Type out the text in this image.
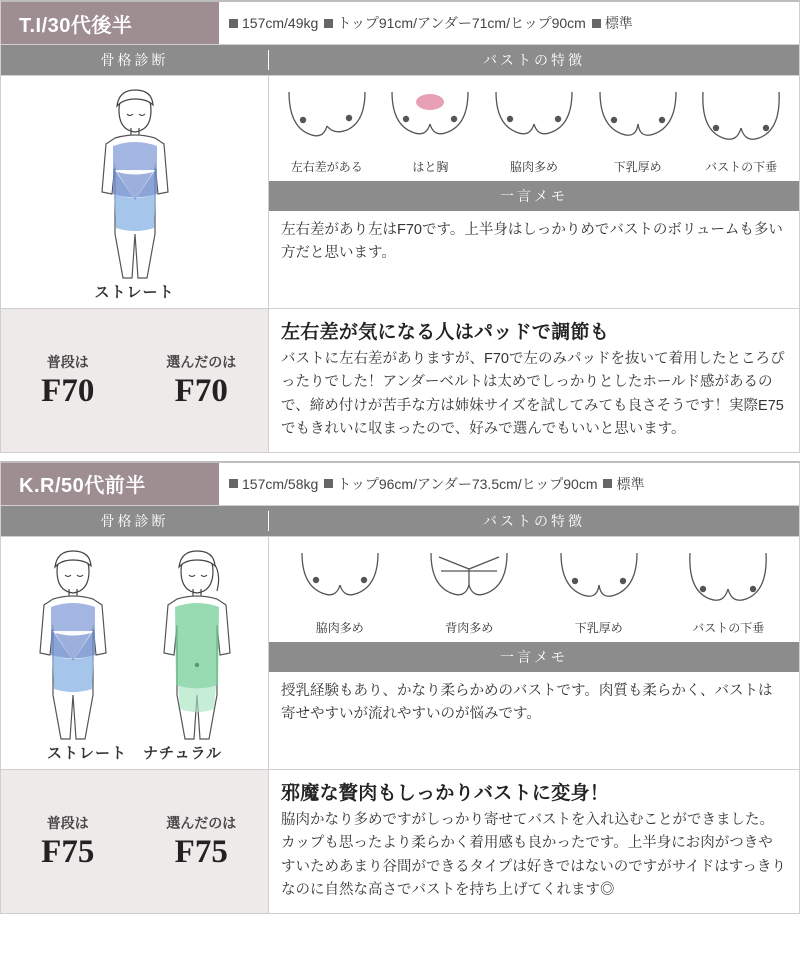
T.I/30代後半	157cm/49kg トップ91cm/アンダー71cm/ヒップ90cm 標準
骨格診断	バストの特徴
ストレート
左右差がある	はと胸	脇肉多め	下乳厚め	バストの下垂
一言メモ
左右差があり左はF70です。上半身はしっかりめでバストのボリュームも多い方だと思います。
普段は
F70
選んだのは
F70
左右差が気になる人はパッドで調節も
バストに左右差がありますが、F70で左のみパッドを抜いて着用したところぴったりでした！アンダーベルトは太めでしっかりとしたホールド感があるので、締め付けが苦手な方は姉妹サイズを試してみても良さそうです！実際E75でもきれいに収まったので、好みで選んでもいいと思います。
K.R/50代前半	157cm/58kg トップ96cm/アンダー73.5cm/ヒップ90cm 標準
骨格診断	バストの特徴
ストレート ナチュラル
脇肉多め	背肉多め	下乳厚め	バストの下垂
一言メモ
授乳経験もあり、かなり柔らかめのバストです。肉質も柔らかく、バストは寄せやすいが流れやすいのが悩みです。
普段は
F75
選んだのは
F75
邪魔な贅肉もしっかりバストに変身！
脇肉かなり多めですがしっかり寄せてバストを入れ込むことができました。カップも思ったより柔らかく着用感も良かったです。上半身にお肉がつきやすいためあまり谷間ができるタイプは好きではないのですがサイドはすっきりなのに自然な高さでバストを持ち上げてくれます◎
